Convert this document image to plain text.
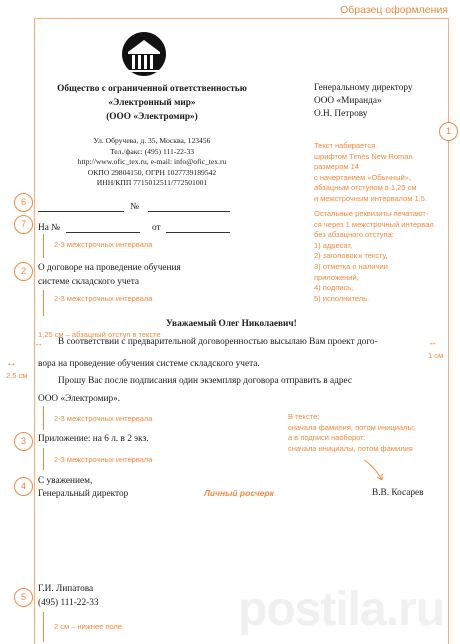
Образец оформления
Общество с ограниченной ответственностью
«Электронный мир»
(ООО «Электромир»)
Ул. Обручева, д. 35, Москва, 123456
Тел./факс: (495) 111-22-33
http://www.ofic_tex.ru, e-mail: info@ofic_tex.ru
ОКПО 29804150, ОГРН 1027739189542
ИНН/КПП 7715012511/772501001
Генеральному директору
ООО «Миранда»
О.Н. Петрову
1
Текст набирается
шрифтом Times New Roman
размером 14
с начертанием «Обычный»,
абзацным отступом в 1,25 см
и межстрочным интервалом 1,5.
Остальные реквизиты печатают-
ся через 1 межстрочный интервал
без абзацного отступа:
1) адресат,
2) заголовок к тексту,
3) отметка о наличии
приложений,
4) подпись,
5) исполнитель.
6	№
7	На №	от
2-3 межстрочных интервала
2	О договоре на проведение обучения
системе складского учета
2-3 межстрочных интервала
Уважаемый Олег Николаевич!
1,25 см – абзацный отступ в тексте
↔ В соответствии с предварительной договоренностью высылаю Вам проект дого-	↔
1 см
вора на проведение обучения системе складского учета.
↔
2,5 см
Прошу Вас после подписания один экземпляр договора отправить в адрес
ООО «Электромир».
2-3 межстрочных интервала
3	Приложение: на 6 л. в 2 экз.
2-3 межстрочных интервала
В тексте:
сначала фамилия, потом инициалы;
а в подписи наоборот:
сначала инициалы, потом фамилия
4	С уважением,
Генеральный директор	Личный росчерк	В.В. Косарев
5
Г.И. Липатова
(495) 111-22-33
2 см – нижнее поле postila.ru
